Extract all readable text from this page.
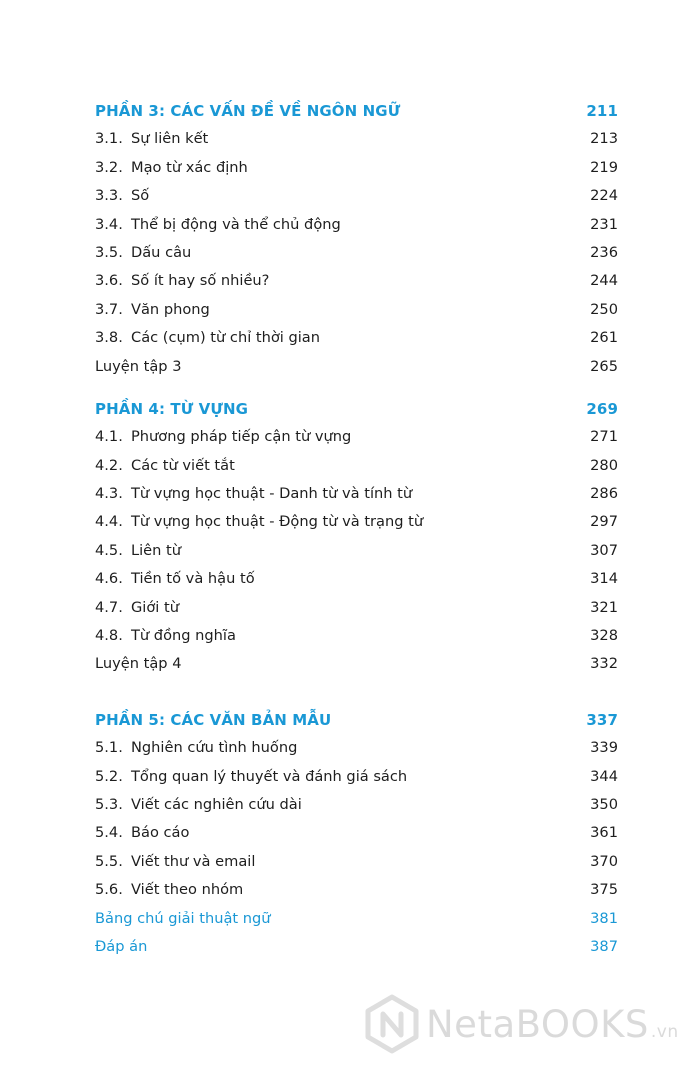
PHẦN 3: CÁC VẤN ĐỀ VỀ NGÔN NGỮ	211
3.1. Sự liên kết	213
3.2. Mạo từ xác định	219
3.3. Số	224
3.4. Thể bị động và thể chủ động	231
3.5. Dấu câu	236
3.6. Số ít hay số nhiều?	244
3.7. Văn phong	250
3.8. Các (cụm) từ chỉ thời gian	261
Luyện tập 3	265
PHẦN 4: TỪ VỰNG	269
4.1. Phương pháp tiếp cận từ vựng	271
4.2. Các từ viết tắt	280
4.3. Từ vựng học thuật - Danh từ và tính từ	286
4.4. Từ vựng học thuật - Động từ và trạng từ	297
4.5. Liên từ	307
4.6. Tiền tố và hậu tố	314
4.7. Giới từ	321
4.8. Từ đồng nghĩa	328
Luyện tập 4	332
PHẦN 5: CÁC VĂN BẢN MẪU	337
5.1. Nghiên cứu tình huống	339
5.2. Tổng quan lý thuyết và đánh giá sách	344
5.3. Viết các nghiên cứu dài	350
5.4. Báo cáo	361
5.5. Viết thư và email	370
5.6. Viết theo nhóm	375
Bảng chú giải thuật ngữ	381
Đáp án	387
NetaBOOKS .vn
